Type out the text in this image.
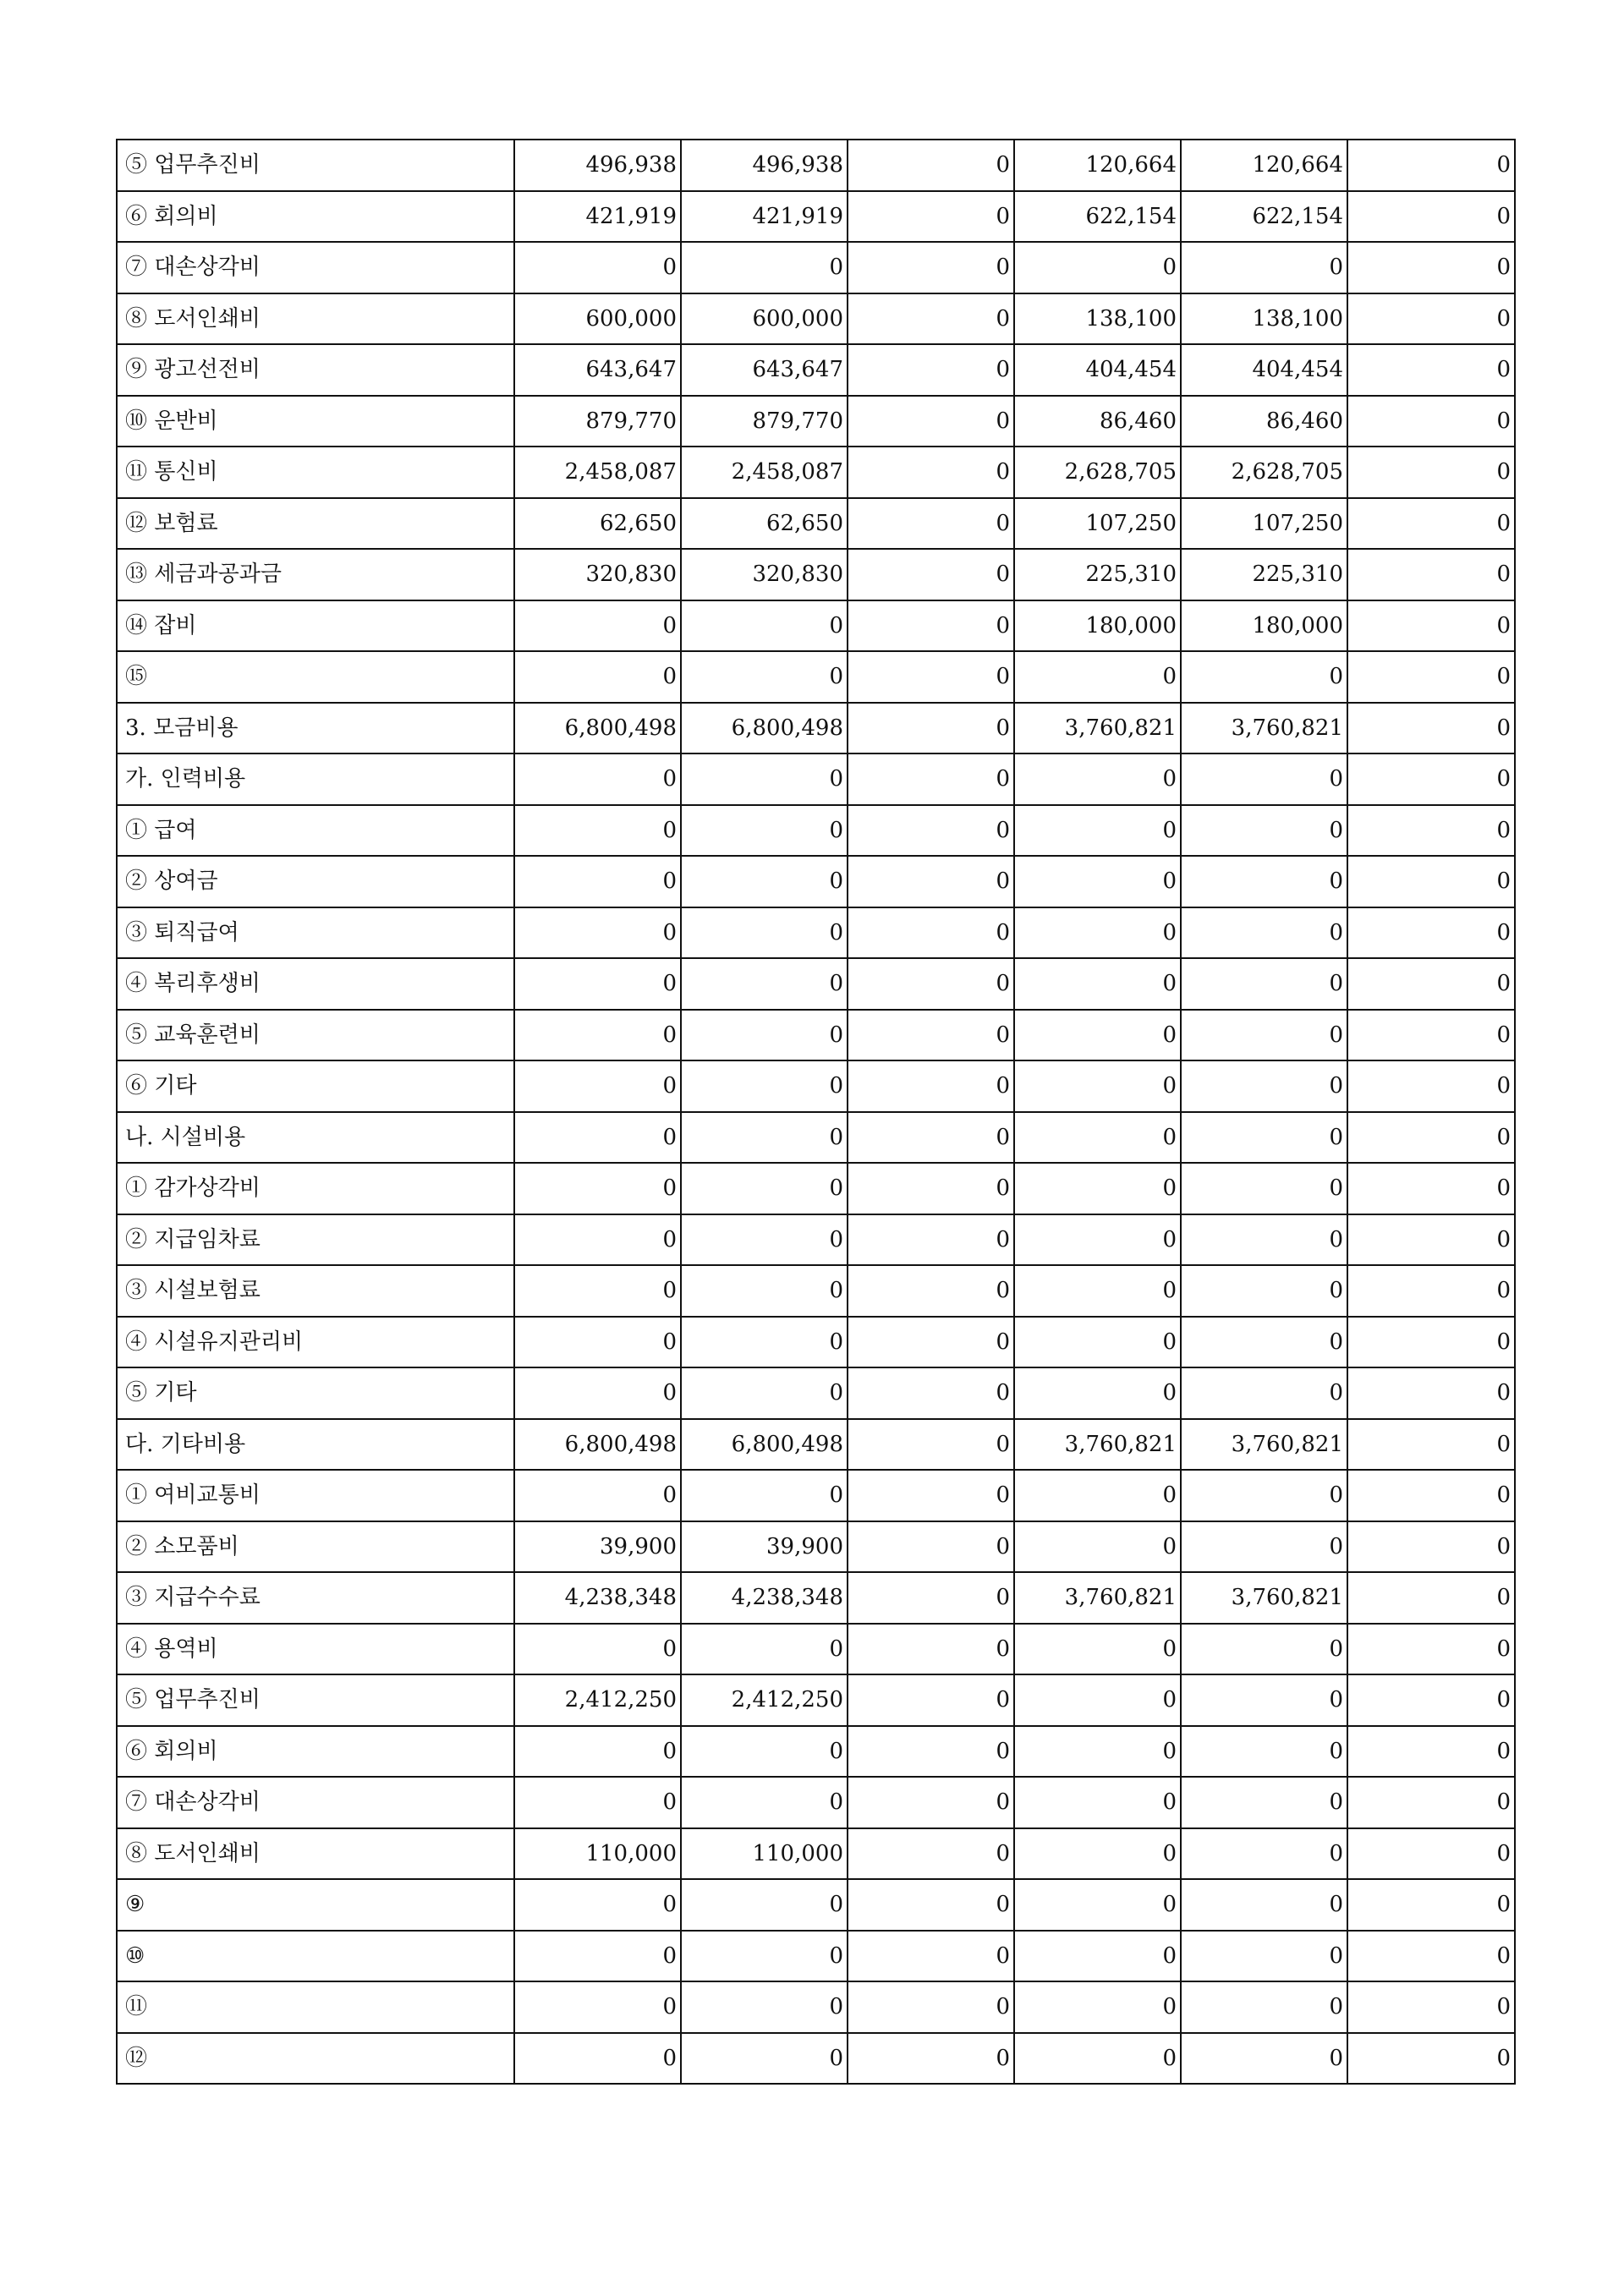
⑤ 업무추진비	496,938	496,938	0	120,664	120,664	0
⑥ 회의비	421,919	421,919	0	622,154	622,154	0
⑦ 대손상각비	0	0	0	0	0	0
⑧ 도서인쇄비	600,000	600,000	0	138,100	138,100	0
⑨ 광고선전비	643,647	643,647	0	404,454	404,454	0
⑩ 운반비	879,770	879,770	0	86,460	86,460	0
⑪ 통신비	2,458,087	2,458,087	0	2,628,705	2,628,705	0
⑫ 보험료	62,650	62,650	0	107,250	107,250	0
⑬ 세금과공과금	320,830	320,830	0	225,310	225,310	0
⑭ 잡비	0	0	0	180,000	180,000	0
⑮	0	0	0	0	0	0
3. 모금비용	6,800,498	6,800,498	0	3,760,821	3,760,821	0
가. 인력비용	0	0	0	0	0	0
① 급여	0	0	0	0	0	0
② 상여금	0	0	0	0	0	0
③ 퇴직급여	0	0	0	0	0	0
④ 복리후생비	0	0	0	0	0	0
⑤ 교육훈련비	0	0	0	0	0	0
⑥ 기타	0	0	0	0	0	0
나. 시설비용	0	0	0	0	0	0
① 감가상각비	0	0	0	0	0	0
② 지급임차료	0	0	0	0	0	0
③ 시설보험료	0	0	0	0	0	0
④ 시설유지관리비	0	0	0	0	0	0
⑤ 기타	0	0	0	0	0	0
다. 기타비용	6,800,498	6,800,498	0	3,760,821	3,760,821	0
① 여비교통비	0	0	0	0	0	0
② 소모품비	39,900	39,900	0	0	0	0
③ 지급수수료	4,238,348	4,238,348	0	3,760,821	3,760,821	0
④ 용역비	0	0	0	0	0	0
⑤ 업무추진비	2,412,250	2,412,250	0	0	0	0
⑥ 회의비	0	0	0	0	0	0
⑦ 대손상각비	0	0	0	0	0	0
⑧ 도서인쇄비	110,000	110,000	0	0	0	0
⑨	0	0	0	0	0	0
⑩	0	0	0	0	0	0
⑪	0	0	0	0	0	0
⑫	0	0	0	0	0	0
